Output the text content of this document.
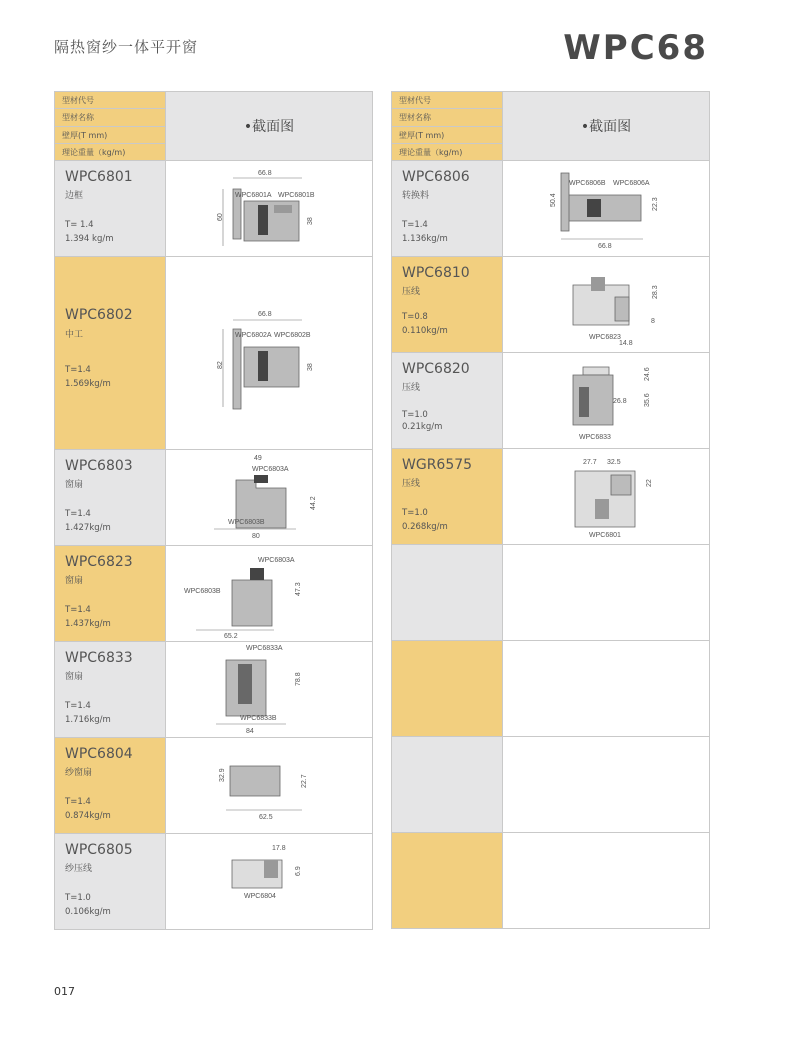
隔热窗纱一体平开窗	WPC68
型材代号
型材名称
壁厚(T mm)
理论重量（kg/m)
•截面图
WPC6801
边框
T= 1.4
1.394 kg/m
66.8
60
WPC6801A WPC6801B
38
WPC6802
中工
T=1.4
1.569kg/m
66.8
82
WPC6802A WPC6802B
38
WPC6803
窗扇
T=1.4
1.427kg/m
49
WPC6803A
44.2
WPC6803B
80
WPC6823
窗扇
T=1.4
1.437kg/m
WPC6803A
WPC6803B	47.3
65.2
WPC6833
窗扇
T=1.4
1.716kg/m
WPC6833A
78.8
WPC6833B
84
WPC6804
纱窗扇
T=1.4
0.874kg/m
32.9	22.7
62.5
WPC6805
纱压线
T=1.0
0.106kg/m
17.8
6.9
WPC6804
型材代号
型材名称
壁厚(T mm)
理论重量（kg/m)
•截面图
WPC6806
转换料
T=1.4
1.136kg/m
WPC6806B WPC6806A
50.4	22.3
66.8
WPC6810
压线
T=0.8
0.110kg/m
28.3
8
WPC6823
14.8
WPC6820
压线
T=1.0
0.21kg/m
24.6
26.8 35.6
WPC6833
WGR6575
压线
T=1.0
0.268kg/m
27.7 32.5
22
WPC6801
017
